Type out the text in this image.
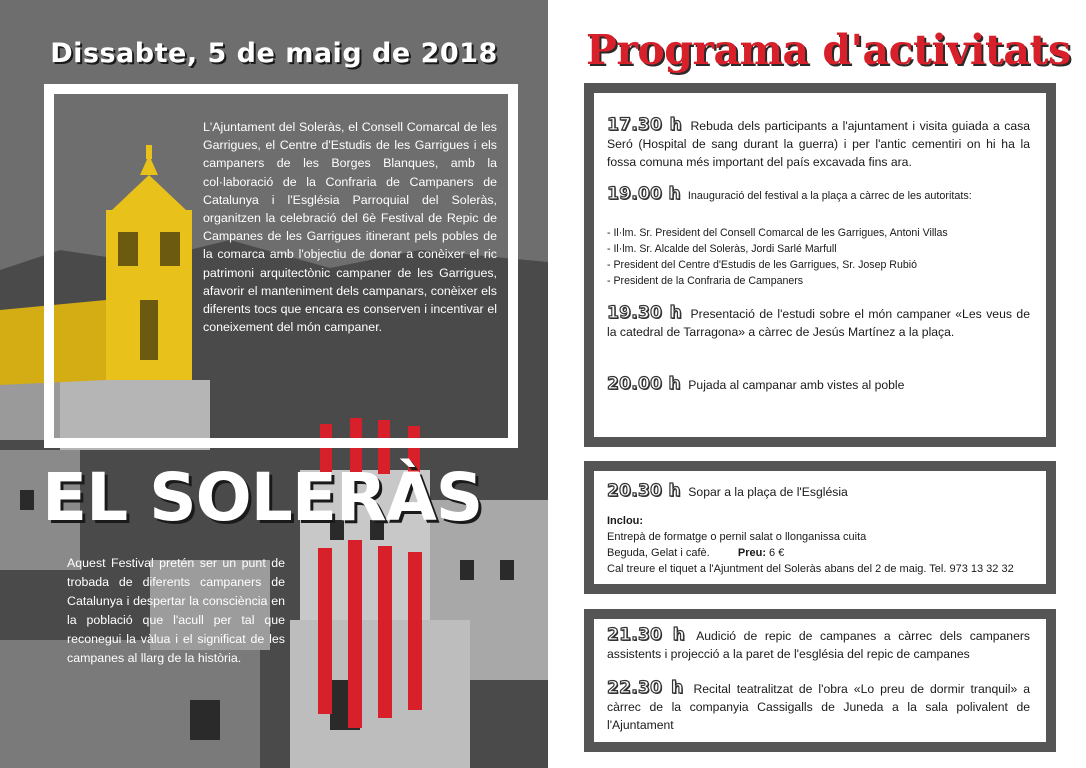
Dissabte, 5 de maig de 2018
L'Ajuntament del Soleràs, el Consell Comarcal de les Garrigues, el Centre d'Estudis de les Garrigues i els campaners de les Borges Blanques, amb la col·laboració de la Confraria de Campaners de Catalunya i l'Església Parroquial del Soleràs, organitzen la celebració del 6è Festival de Repic de Campanes de les Garrigues itinerant pels pobles de la comarca amb l'objectiu de donar a conèixer el ric patrimoni arquitectònic campaner de les Garrigues, afavorir el manteniment dels campanars, conèixer els diferents tocs que encara es conserven i incentivar el coneixement del món campaner.
EL SOLERÀS
Aquest Festival pretén ser un punt de trobada de diferents campaners de Catalunya i despertar la consciència en la població que l'acull per tal que reconegui la vàlua i el significat de les campanes al llarg de la història.
Programa d'activitats
17.30 h Rebuda dels participants a l'ajuntament i visita guiada a casa Seró (Hospital de sang durant la guerra) i per l'antic cementiri on hi ha la fossa comuna més important del país excavada fins ara.
19.00 h Inauguració del festival a la plaça a càrrec de les autoritats:
- Il·lm. Sr. President del Consell Comarcal de les Garrigues, Antoni Villas
- Il·lm. Sr. Alcalde del Soleràs, Jordi Sarlé Marfull
- President del Centre d'Estudis de les Garrigues, Sr. Josep Rubió
- President de la Confraria de Campaners
19.30 h Presentació de l'estudi sobre el món campaner «Les veus de la catedral de Tarragona» a càrrec de Jesús Martínez a la plaça.
20.00 h Pujada al campanar amb vistes al poble
20.30 h Sopar a la plaça de l'Església
Inclou:
Entrepà de formatge o pernil salat o llonganissa cuita
Beguda, Gelat i cafè.	Preu: 6 €
Cal treure el tiquet a l'Ajuntment del Soleràs abans del 2 de maig. Tel. 973 13 32 32
21.30 h Audició de repic de campanes a càrrec dels campaners assistents i projecció a la paret de l'església del repic de campanes
22.30 h Recital teatralitzat de l'obra «Lo preu de dormir tranquil» a càrrec de la companyia Cassigalls de Juneda a la sala polivalent de l'Ajuntament
